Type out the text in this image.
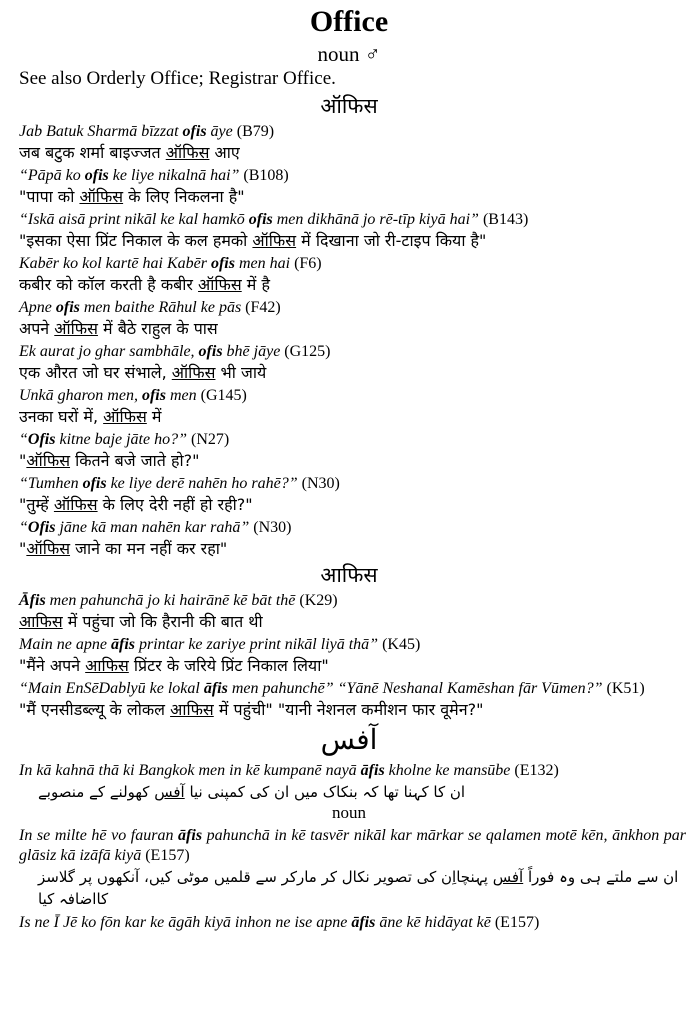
Office
noun ♂
See also Orderly Office; Registrar Office.
ऑफिस
Jab Batuk Sharmā bīzzat ofis āye (B79)
जब बटुक शर्मा बाइज्जत ऑफिस आए
“Pāpā ko ofis ke liye nikalnā hai” (B108)
"पापा को ऑफिस के लिए निकलना है"
“Iskā aisā print nikāl ke kal hamkō ofis men dikhānā jo rē-tīp kiyā hai” (B143)
"इसका ऐसा प्रिंट निकाल के कल हमको ऑफिस में दिखाना जो री-टाइप किया है"
Kabēr ko kol kartē hai Kabēr ofis men hai (F6)
कबीर को कॉल करती है कबीर ऑफिस में है
Apne ofis men baithe Rāhul ke pās (F42)
अपने ऑफिस में बैठे राहुल के पास
Ek aurat jo ghar sambhāle, ofis bhē jāye (G125)
एक औरत जो घर संभाले, ऑफिस भी जाये
Unkā gharon men, ofis men (G145)
उनका घरों में, ऑफिस में
“Ofis kitne baje jāte ho?” (N27)
"ऑफिस कितने बजे जाते हो?"
“Tumhen ofis ke liye derē nahēn ho rahē?” (N30)
"तुम्हें ऑफिस के लिए देरी नहीं हो रही?"
“Ofis jāne kā man nahēn kar rahā” (N30)
"ऑफिस जाने का मन नहीं कर रहा"
आफिस
Āfis men pahunchā jo ki hairānē kē bāt thē (K29)
आफिस में पहुंचा जो कि हैरानी की बात थी
Main ne apne āfis printar ke zariye print nikāl liyā thā” (K45)
"मैंने अपने आफिस प्रिंटर के जरिये प्रिंट निकाल लिया"
“Main EnSēDablyū ke lokal āfis men pahunchē” “Yānē Neshanal Kamēshan fār Vūmen?” (K51)
"मैं एनसीडब्ल्यू के लोकल आफिस में पहुंची" "यानी नेशनल कमीशन फार वूमेन?"
آفس
In kā kahnā thā ki Bangkok men in kē kumpanē nayā āfis kholne ke mansūbe (E132)
ان کا کہنا تھا کہ بنکاک میں ان کی کمپنی نیا آفس کھولنے کے منصوبے
noun
In se milte hē vo fauran āfis pahunchā in kē tasvēr nikāl kar mārkar se qalamen motē kēn, ānkhon par glāsiz kā izāfā kiyā (E157)
ان سے ملتے ہی وہ فوراً آفس پہنچااِن کی تصویر نکال کر مارکر سے قلمیں موٹی کیں، آنکھوں پر گلاسز کااضافہ کیا
Is ne Ī Jē ko fōn kar ke āgāh kiyā inhon ne ise apne āfis āne kē hidāyat kē (E157)
